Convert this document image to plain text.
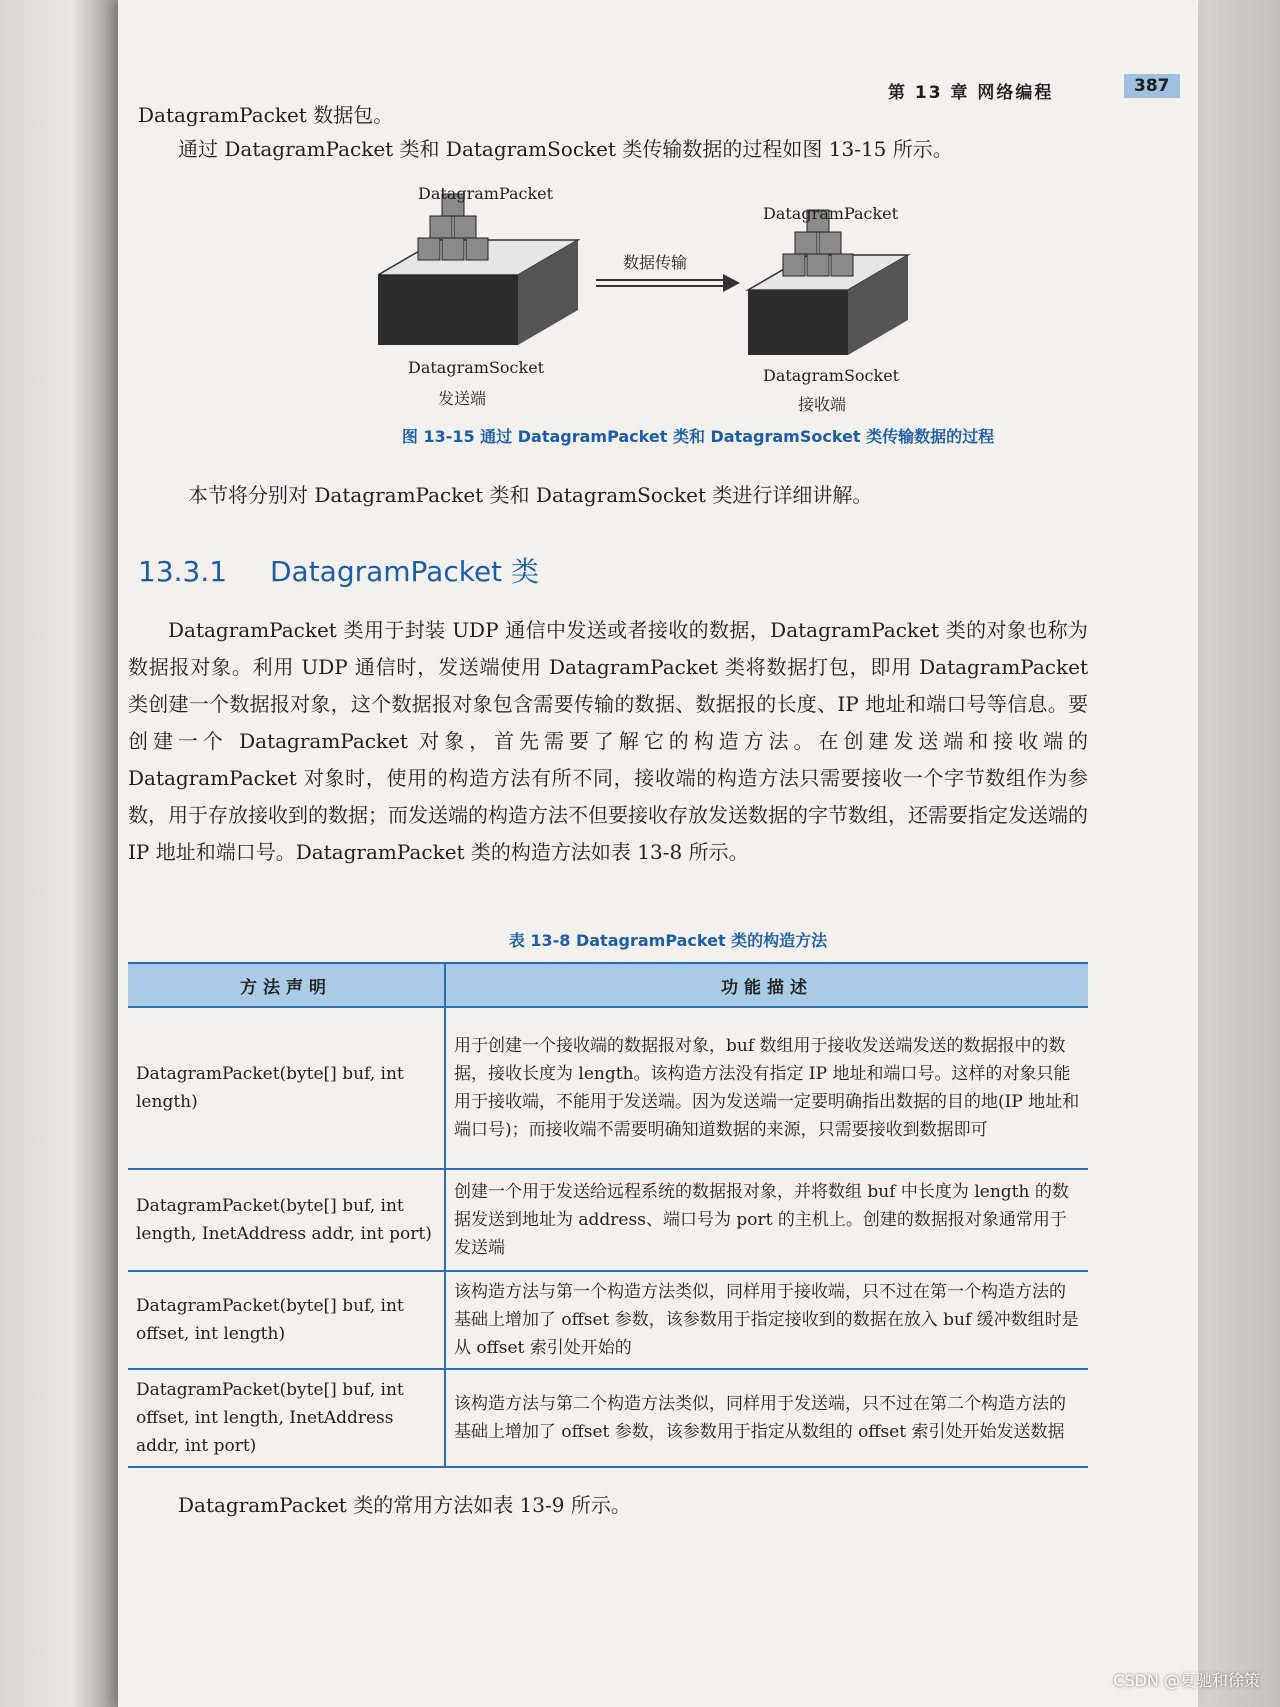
第 13 章 网络编程	387

DatagramPacket 数据包。

通过 DatagramPacket 类和 DatagramSocket 类传输数据的过程如图 13-15 所示。

DatagramPacket
DatagramSocket
发送端
数据传输
DatagramPacket
DatagramSocket
接收端
图 13-15 通过 DatagramPacket 类和 DatagramSocket 类传输数据的过程

本节将分别对 DatagramPacket 类和 DatagramSocket 类进行详细讲解。

13.3.1 DatagramPacket 类

DatagramPacket 类用于封装 UDP 通信中发送或者接收的数据，DatagramPacket 类的对象也称为数据报对象。利用 UDP 通信时，发送端使用 DatagramPacket 类将数据打包，即用 DatagramPacket 类创建一个数据报对象，这个数据报对象包含需要传输的数据、数据报的长度、IP 地址和端口号等信息。要创建一个 DatagramPacket 对象，首先需要了解它的构造方法。在创建发送端和接收端的 DatagramPacket 对象时，使用的构造方法有所不同，接收端的构造方法只需要接收一个字节数组作为参数，用于存放接收到的数据；而发送端的构造方法不但要接收存放发送数据的字节数组，还需要指定发送端的 IP 地址和端口号。DatagramPacket 类的构造方法如表 13-8 所示。

表 13-8 DatagramPacket 类的构造方法
方法声明	功能描述
DatagramPacket(byte[] buf, int length)	用于创建一个接收端的数据报对象，buf 数组用于接收发送端发送的数据报中的数据，接收长度为 length。该构造方法没有指定 IP 地址和端口号。这样的对象只能用于接收端，不能用于发送端。因为发送端一定要明确指出数据的目的地(IP 地址和端口号)；而接收端不需要明确知道数据的来源，只需要接收到数据即可
DatagramPacket(byte[] buf, int length, InetAddress addr, int port)	创建一个用于发送给远程系统的数据报对象，并将数组 buf 中长度为 length 的数据发送到地址为 address、端口号为 port 的主机上。创建的数据报对象通常用于发送端
DatagramPacket(byte[] buf, int offset, int length)	该构造方法与第一个构造方法类似，同样用于接收端，只不过在第一个构造方法的基础上增加了 offset 参数，该参数用于指定接收到的数据在放入 buf 缓冲数组时是从 offset 索引处开始的
DatagramPacket(byte[] buf, int offset, int length, InetAddress addr, int port)	该构造方法与第二个构造方法类似，同样用于发送端，只不过在第二个构造方法的基础上增加了 offset 参数，该参数用于指定从数组的 offset 索引处开始发送数据

DatagramPacket 类的常用方法如表 13-9 所示。

CSDN @夏驰和徐策
